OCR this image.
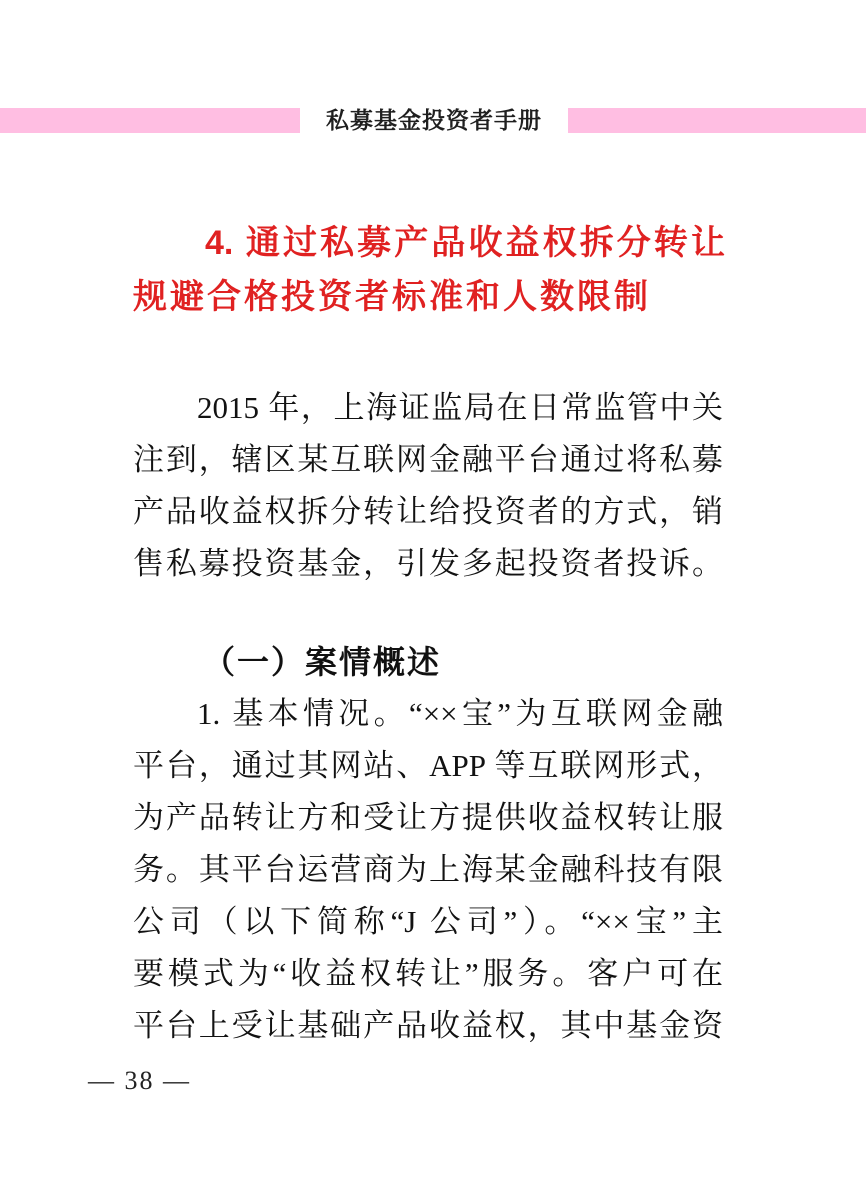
私募基金投资者手册
4. 通过私募产品收益权拆分转让
规避合格投资者标准和人数限制
2015 年，上海证监局在日常监管中关
注到，辖区某互联网金融平台通过将私募
产品收益权拆分转让给投资者的方式，销
售私募投资基金，引发多起投资者投诉。
（一）案情概述
1. 基本情况。“××宝”为互联网金融
平台，通过其网站、APP 等互联网形式，
为产品转让方和受让方提供收益权转让服
务。其平台运营商为上海某金融科技有限
公司（以下简称“J 公司”）。“××宝”主
要模式为“收益权转让”服务。客户可在
平台上受让基础产品收益权，其中基金资
— 38 —
